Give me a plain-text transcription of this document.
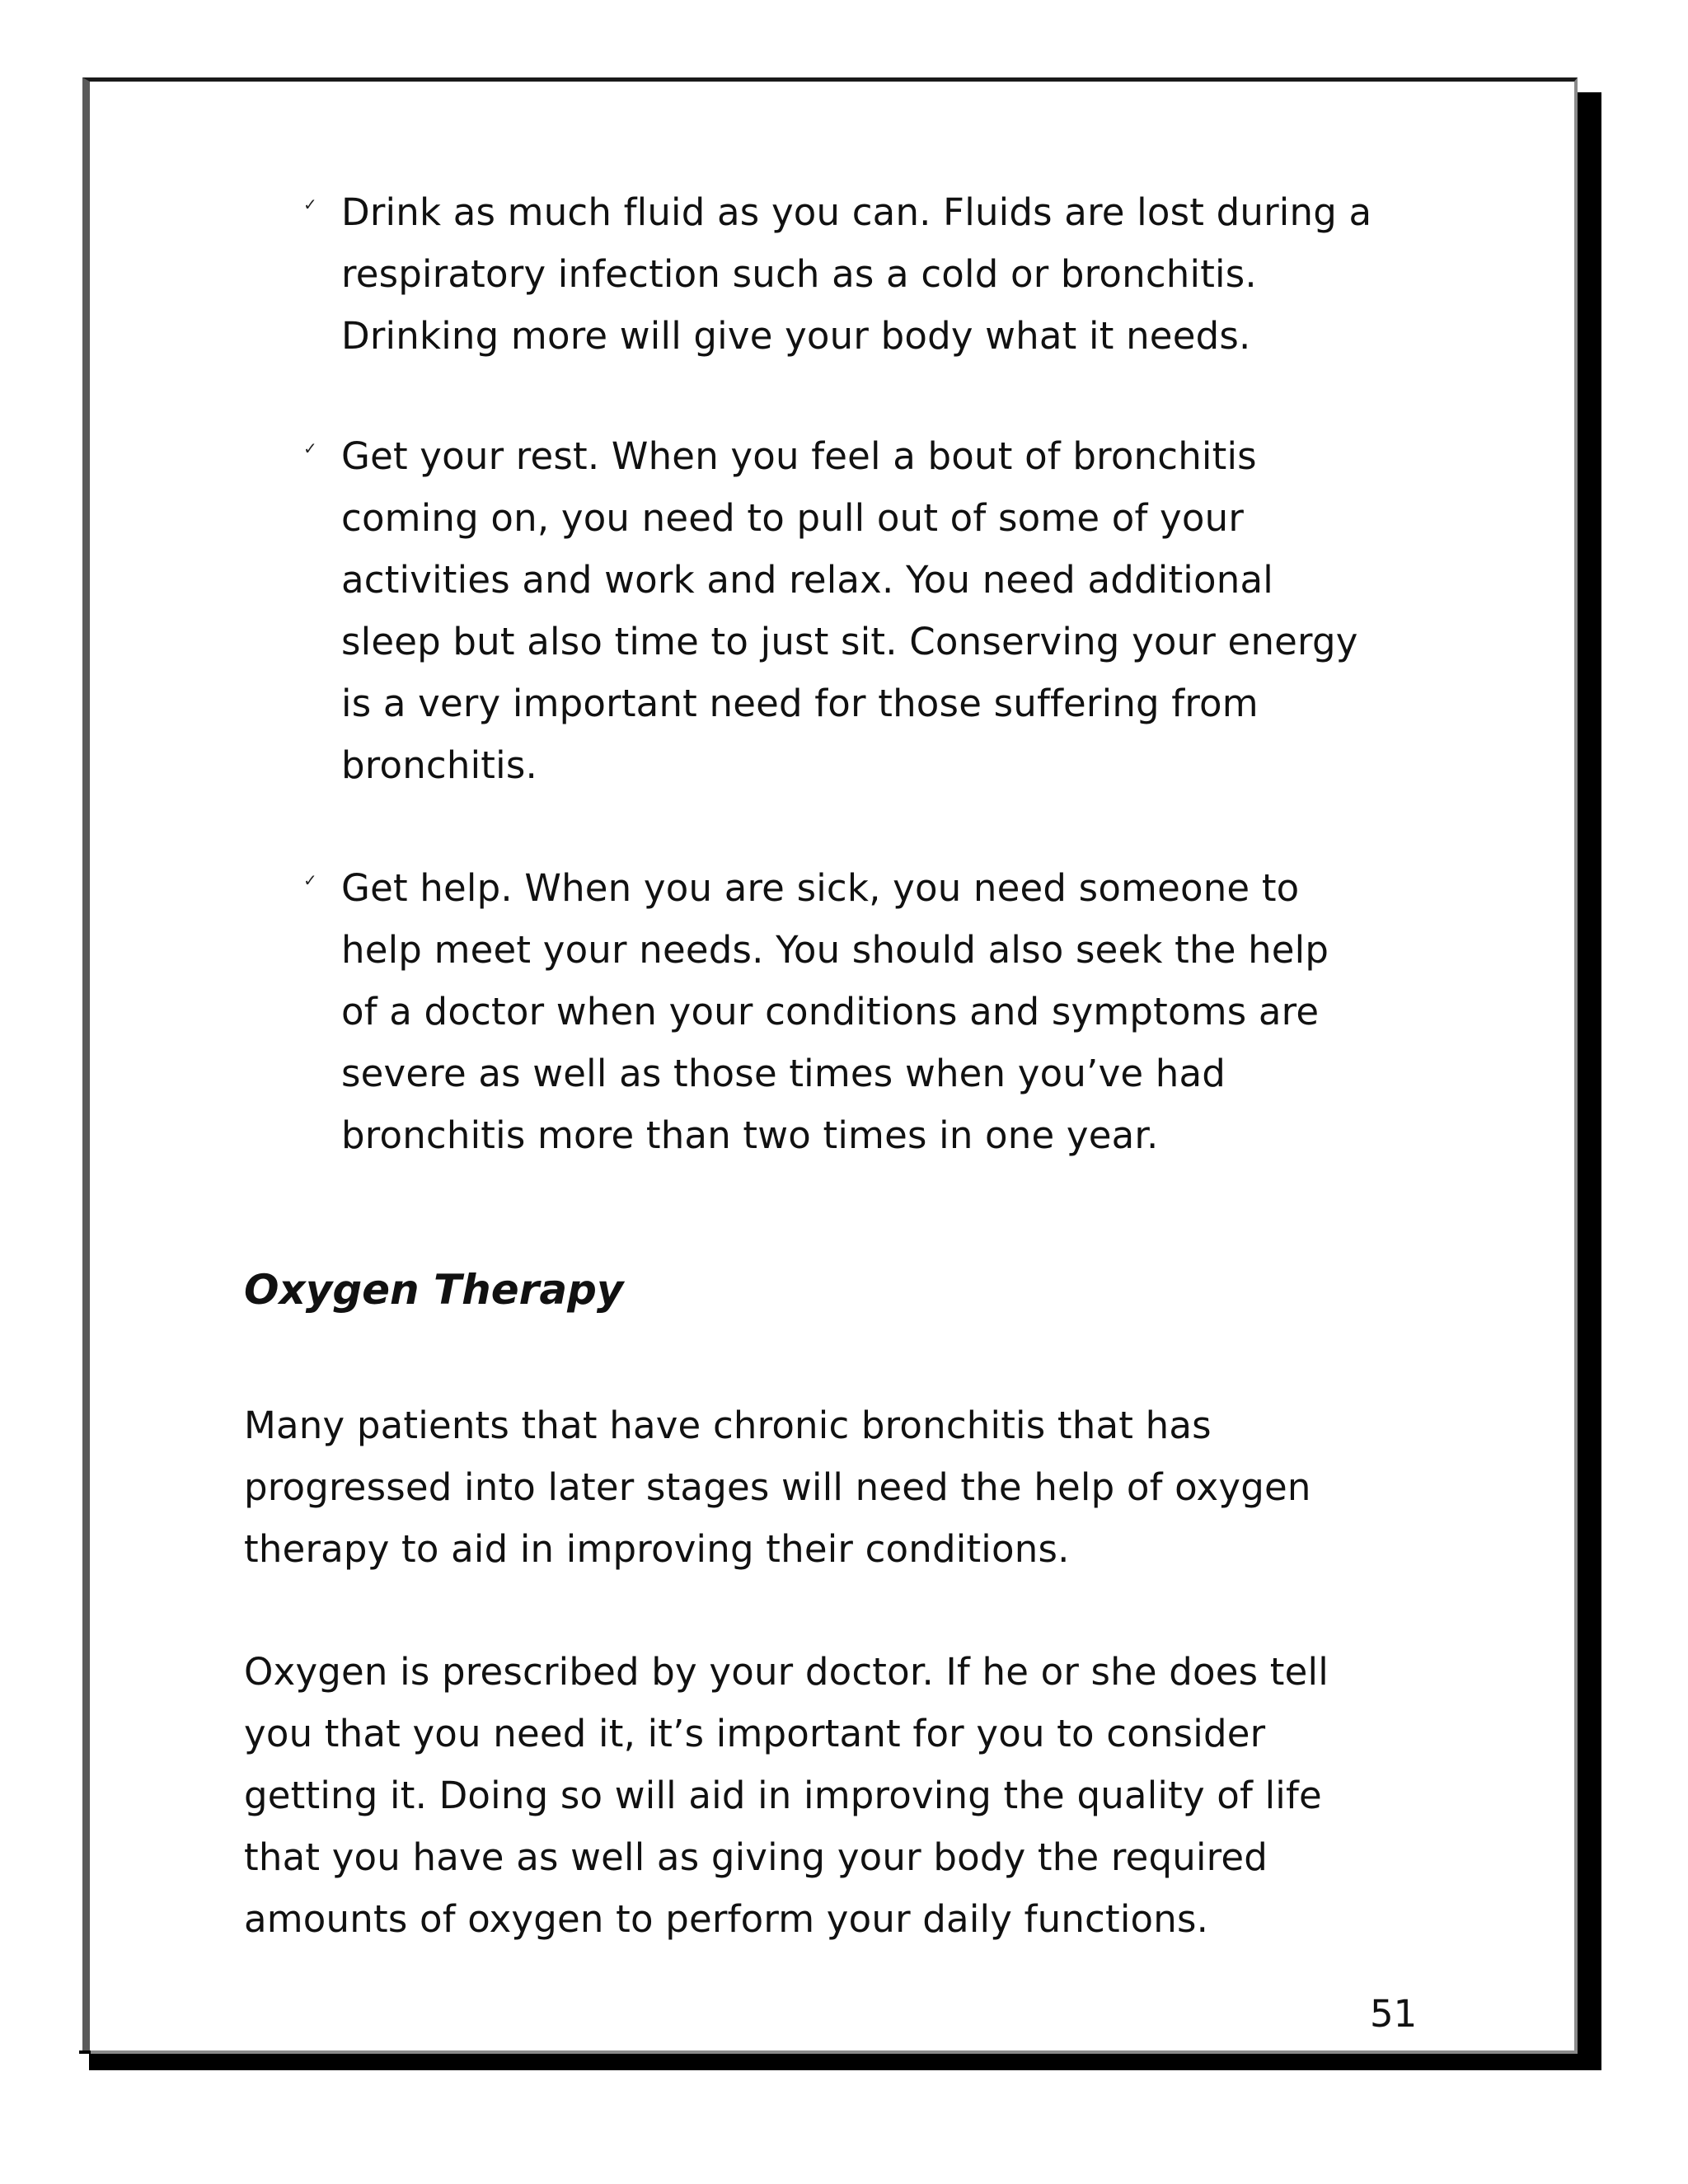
✓ Drink as much fluid as you can. Fluids are lost during a
respiratory infection such as a cold or bronchitis.
Drinking more will give your body what it needs.
✓ Get your rest. When you feel a bout of bronchitis
coming on, you need to pull out of some of your
activities and work and relax. You need additional
sleep but also time to just sit. Conserving your energy
is a very important need for those suffering from
bronchitis.
✓ Get help. When you are sick, you need someone to
help meet your needs. You should also seek the help
of a doctor when your conditions and symptoms are
severe as well as those times when you’ve had
bronchitis more than two times in one year.
Oxygen Therapy
Many patients that have chronic bronchitis that has
progressed into later stages will need the help of oxygen
therapy to aid in improving their conditions.
Oxygen is prescribed by your doctor. If he or she does tell
you that you need it, it’s important for you to consider
getting it. Doing so will aid in improving the quality of life
that you have as well as giving your body the required
amounts of oxygen to perform your daily functions.
51
